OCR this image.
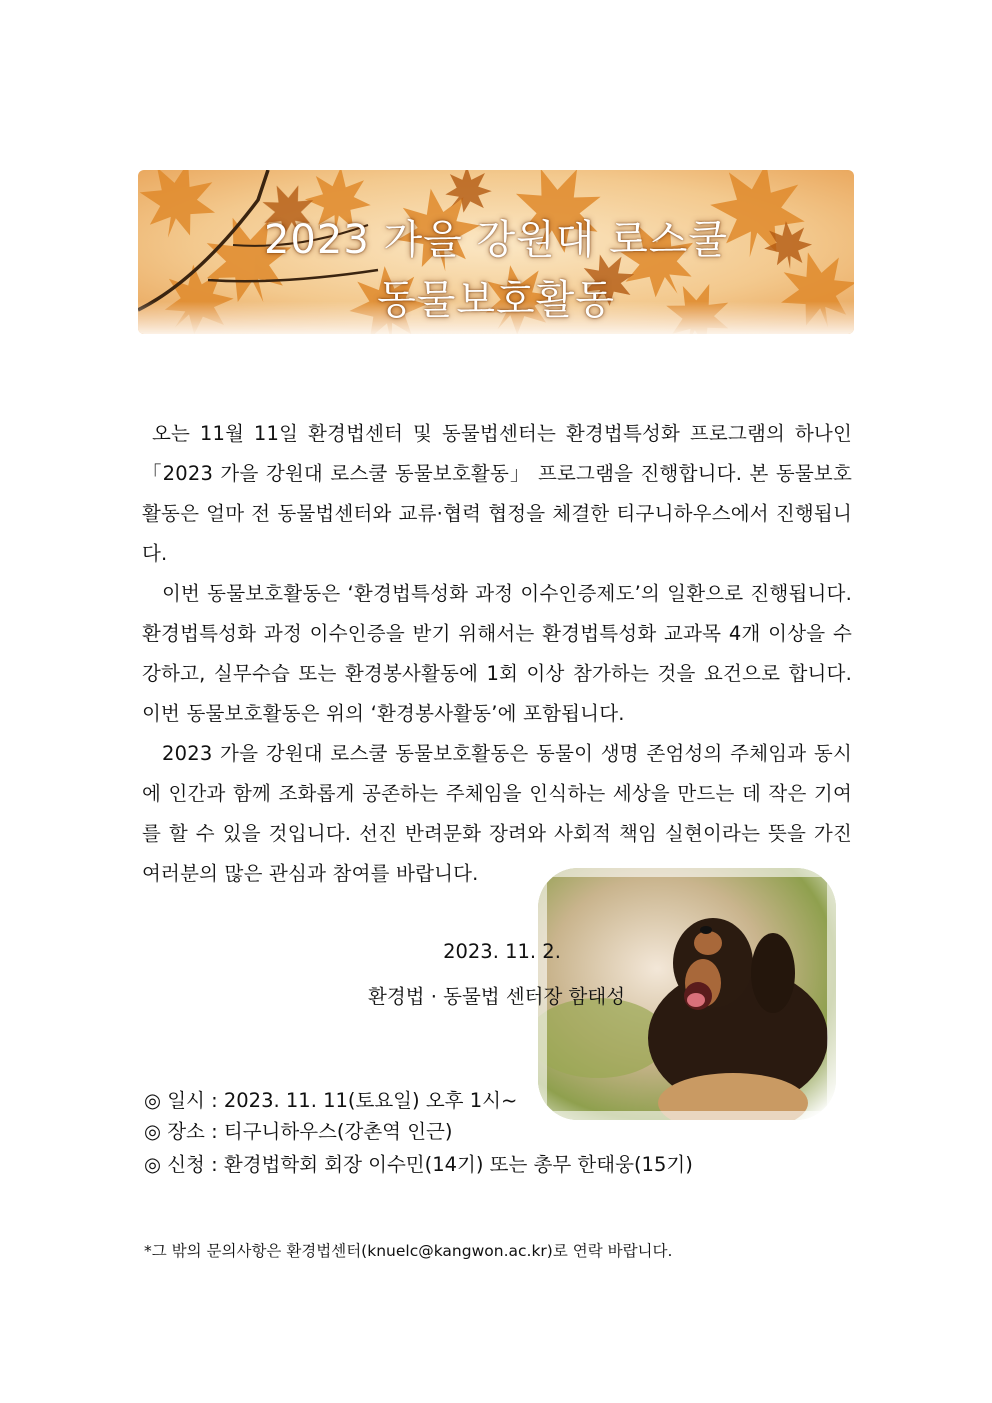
2023 가을 강원대 로스쿨
동물보호활동

오는 11월 11일 환경법센터 및 동물법센터는 환경법특성화 프로그램의 하나인 「2023 가을 강원대 로스쿨 동물보호활동」 프로그램을 진행합니다. 본 동물보호활동은 얼마 전 동물법센터와 교류·협력 협정을 체결한 티구니하우스에서 진행됩니다.

이번 동물보호활동은 ‘환경법특성화 과정 이수인증제도’의 일환으로 진행됩니다. 환경법특성화 과정 이수인증을 받기 위해서는 환경법특성화 교과목 4개 이상을 수강하고, 실무수습 또는 환경봉사활동에 1회 이상 참가하는 것을 요건으로 합니다. 이번 동물보호활동은 위의 ‘환경봉사활동’에 포함됩니다.

2023 가을 강원대 로스쿨 동물보호활동은 동물이 생명 존엄성의 주체임과 동시에 인간과 함께 조화롭게 공존하는 주체임을 인식하는 세상을 만드는 데 작은 기여를 할 수 있을 것입니다. 선진 반려문화 장려와 사회적 책임 실현이라는 뜻을 가진 여러분의 많은 관심과 참여를 바랍니다.

2023. 11. 2.
환경법 · 동물법 센터장 함태성
◎ 일시 : 2023. 11. 11(토요일) 오후 1시~
◎ 장소 : 티구니하우스(강촌역 인근)
◎ 신청 : 환경법학회 회장 이수민(14기) 또는 총무 한태웅(15기)
*그 밖의 문의사항은 환경법센터(knuelc@kangwon.ac.kr)로 연락 바랍니다.
